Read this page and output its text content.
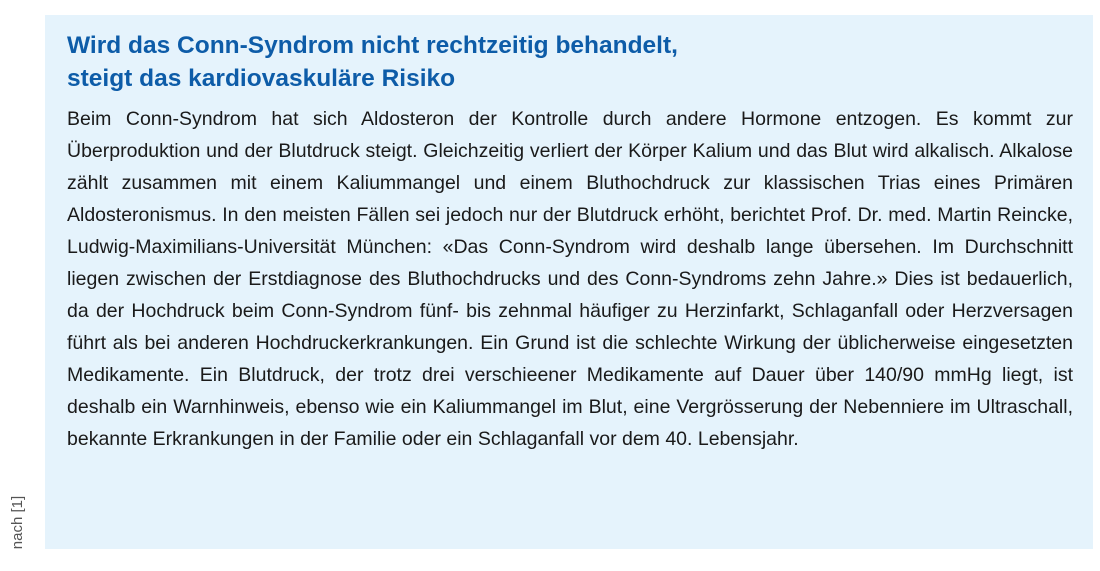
nach [1]
Wird das Conn-Syndrom nicht rechtzeitig behandelt,
steigt das kardiovaskuläre Risiko

Beim Conn-Syndrom hat sich Aldosteron der Kontrolle durch andere Hormone entzogen. Es kommt zur Überproduktion und der Blutdruck steigt. Gleichzeitig verliert der Körper Kalium und das Blut wird alkalisch. Alkalose zählt zusammen mit einem Kaliummangel und einem Bluthochdruck zur klassischen Trias eines Primären Aldosteronismus. In den meisten Fällen sei jedoch nur der Blutdruck erhöht, berichtet Prof. Dr. med. Martin Reincke, Ludwig-Maximilians-Universität München: «Das Conn-Syndrom wird deshalb lange übersehen. Im Durchschnitt liegen zwischen der Erstdiagnose des Bluthochdrucks und des Conn-Syndroms zehn Jahre.» Dies ist bedauerlich, da der Hochdruck beim Conn-Syndrom fünf- bis zehnmal häufiger zu Herzinfarkt, Schlaganfall oder Herzversagen führt als bei anderen Hochdruckerkrankungen. Ein Grund ist die schlechte Wirkung der üblicherweise eingesetzten Medikamente. Ein Blutdruck, der trotz drei verschieener Medikamente auf Dauer über 140/90 mmHg liegt, ist deshalb ein Warnhinweis, ebenso wie ein Kaliummangel im Blut, eine Vergrösserung der Nebenniere im Ultraschall, bekannte Erkrankungen in der Familie oder ein Schlaganfall vor dem 40. Lebensjahr.
